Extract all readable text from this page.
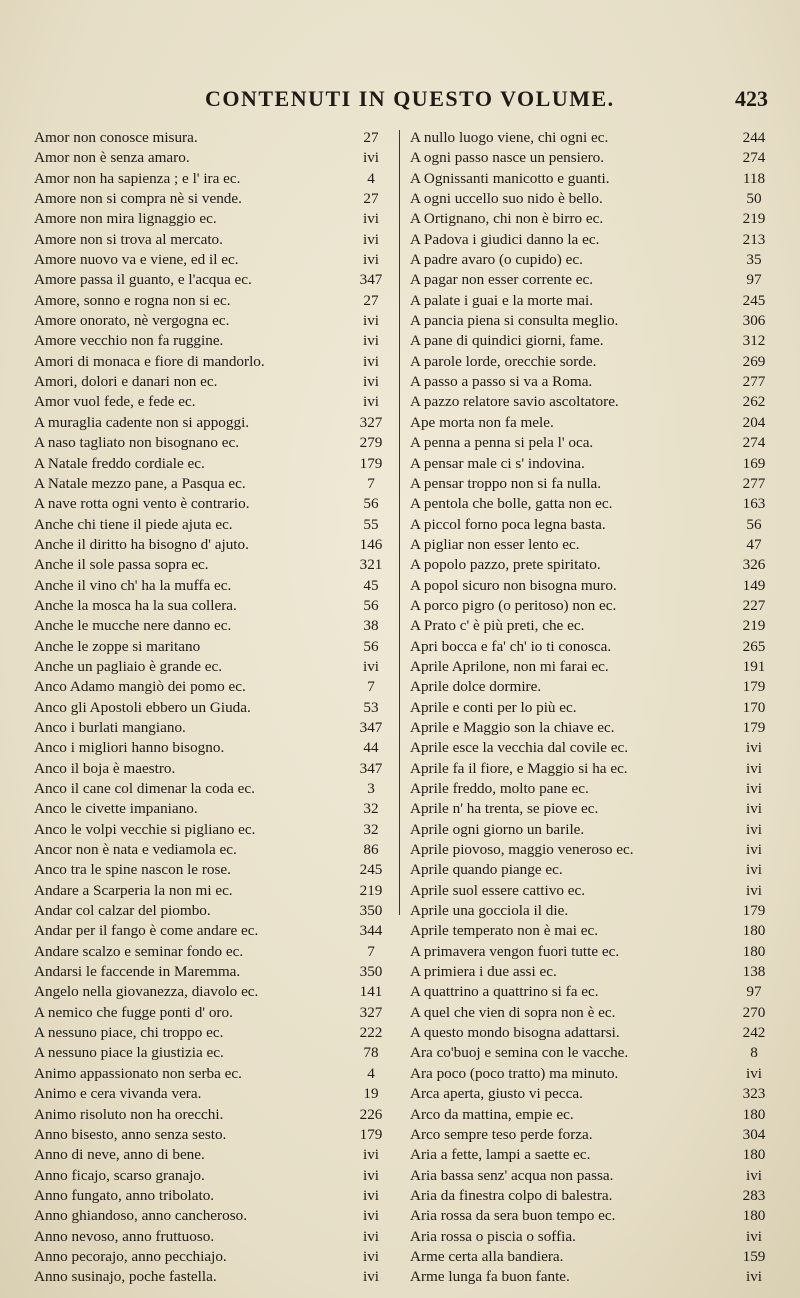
CONTENUTI IN QUESTO VOLUME.	423
Amor non conosce misura.	27
Amor non è senza amaro.	ivi
Amor non ha sapienza ; e l' ira ec.	4
Amore non si compra nè si vende.	27
Amore non mira lignaggio ec.	ivi
Amore non si trova al mercato.	ivi
Amore nuovo va e viene, ed il ec.	ivi
Amore passa il guanto, e l'acqua ec.	347
Amore, sonno e rogna non si ec.	27
Amore onorato, nè vergogna ec.	ivi
Amore vecchio non fa ruggine.	ivi
Amori di monaca e fiore di mandorlo.	ivi
Amori, dolori e danari non ec.	ivi
Amor vuol fede, e fede ec.	ivi
A muraglia cadente non si appoggi.	327
A naso tagliato non bisognano ec.	279
A Natale freddo cordiale ec.	179
A Natale mezzo pane, a Pasqua ec.	7
A nave rotta ogni vento è contrario.	56
Anche chi tiene il piede ajuta ec.	55
Anche il diritto ha bisogno d' ajuto.	146
Anche il sole passa sopra ec.	321
Anche il vino ch' ha la muffa ec.	45
Anche la mosca ha la sua collera.	56
Anche le mucche nere danno ec.	38
Anche le zoppe si maritano	56
Anche un pagliaio è grande ec.	ivi
Anco Adamo mangiò dei pomo ec.	7
Anco gli Apostoli ebbero un Giuda.	53
Anco i burlati mangiano.	347
Anco i migliori hanno bisogno.	44
Anco il boja è maestro.	347
Anco il cane col dimenar la coda ec.	3
Anco le civette impaniano.	32
Anco le volpi vecchie si pigliano ec.	32
Ancor non è nata e vediamola ec.	86
Anco tra le spine nascon le rose.	245
Andare a Scarperia la non mi ec.	219
Andar col calzar del piombo.	350
Andar per il fango è come andare ec.	344
Andare scalzo e seminar fondo ec.	7
Andarsi le faccende in Maremma.	350
Angelo nella giovanezza, diavolo ec.	141
A nemico che fugge ponti d' oro.	327
A nessuno piace, chi troppo ec.	222
A nessuno piace la giustizia ec.	78
Animo appassionato non serba ec.	4
Animo e cera vivanda vera.	19
Animo risoluto non ha orecchi.	226
Anno bisesto, anno senza sesto.	179
Anno di neve, anno di bene.	ivi
Anno ficajo, scarso granajo.	ivi
Anno fungato, anno tribolato.	ivi
Anno ghiandoso, anno cancheroso.	ivi
Anno nevoso, anno fruttuoso.	ivi
Anno pecorajo, anno pecchiajo.	ivi
Anno susinajo, poche fastella.	ivi
A nullo luogo viene, chi ogni ec.	244
A ogni passo nasce un pensiero.	274
A Ognissanti manicotto e guanti.	118
A ogni uccello suo nido è bello.	50
A Ortignano, chi non è birro ec.	219
A Padova i giudici danno la ec.	213
A padre avaro (o cupido) ec.	35
A pagar non esser corrente ec.	97
A palate i guai e la morte mai.	245
A pancia piena si consulta meglio.	306
A pane di quindici giorni, fame.	312
A parole lorde, orecchie sorde.	269
A passo a passo si va a Roma.	277
A pazzo relatore savio ascoltatore.	262
Ape morta non fa mele.	204
A penna a penna si pela l' oca.	274
A pensar male ci s' indovina.	169
A pensar troppo non si fa nulla.	277
A pentola che bolle, gatta non ec.	163
A piccol forno poca legna basta.	56
A pigliar non esser lento ec.	47
A popolo pazzo, prete spiritato.	326
A popol sicuro non bisogna muro.	149
A porco pigro (o peritoso) non ec.	227
A Prato c' è più preti, che ec.	219
Apri bocca e fa' ch' io ti conosca.	265
Aprile Aprilone, non mi farai ec.	191
Aprile dolce dormire.	179
Aprile e conti per lo più ec.	170
Aprile e Maggio son la chiave ec.	179
Aprile esce la vecchia dal covile ec.	ivi
Aprile fa il fiore, e Maggio si ha ec.	ivi
Aprile freddo, molto pane ec.	ivi
Aprile n' ha trenta, se piove ec.	ivi
Aprile ogni giorno un barile.	ivi
Aprile piovoso, maggio veneroso ec.	ivi
Aprile quando piange ec.	ivi
Aprile suol essere cattivo ec.	ivi
Aprile una gocciola il die.	179
Aprile temperato non è mai ec.	180
A primavera vengon fuori tutte ec.	180
A primiera i due assi ec.	138
A quattrino a quattrino si fa ec.	97
A quel che vien di sopra non è ec.	270
A questo mondo bisogna adattarsi.	242
Ara co'buoj e semina con le vacche.	8
Ara poco (poco tratto) ma minuto.	ivi
Arca aperta, giusto vi pecca.	323
Arco da mattina, empie ec.	180
Arco sempre teso perde forza.	304
Aria a fette, lampi a saette ec.	180
Aria bassa senz' acqua non passa.	ivi
Aria da finestra colpo di balestra.	283
Aria rossa da sera buon tempo ec.	180
Aria rossa o piscia o soffia.	ivi
Arme certa alla bandiera.	159
Arme lunga fa buon fante.	ivi
